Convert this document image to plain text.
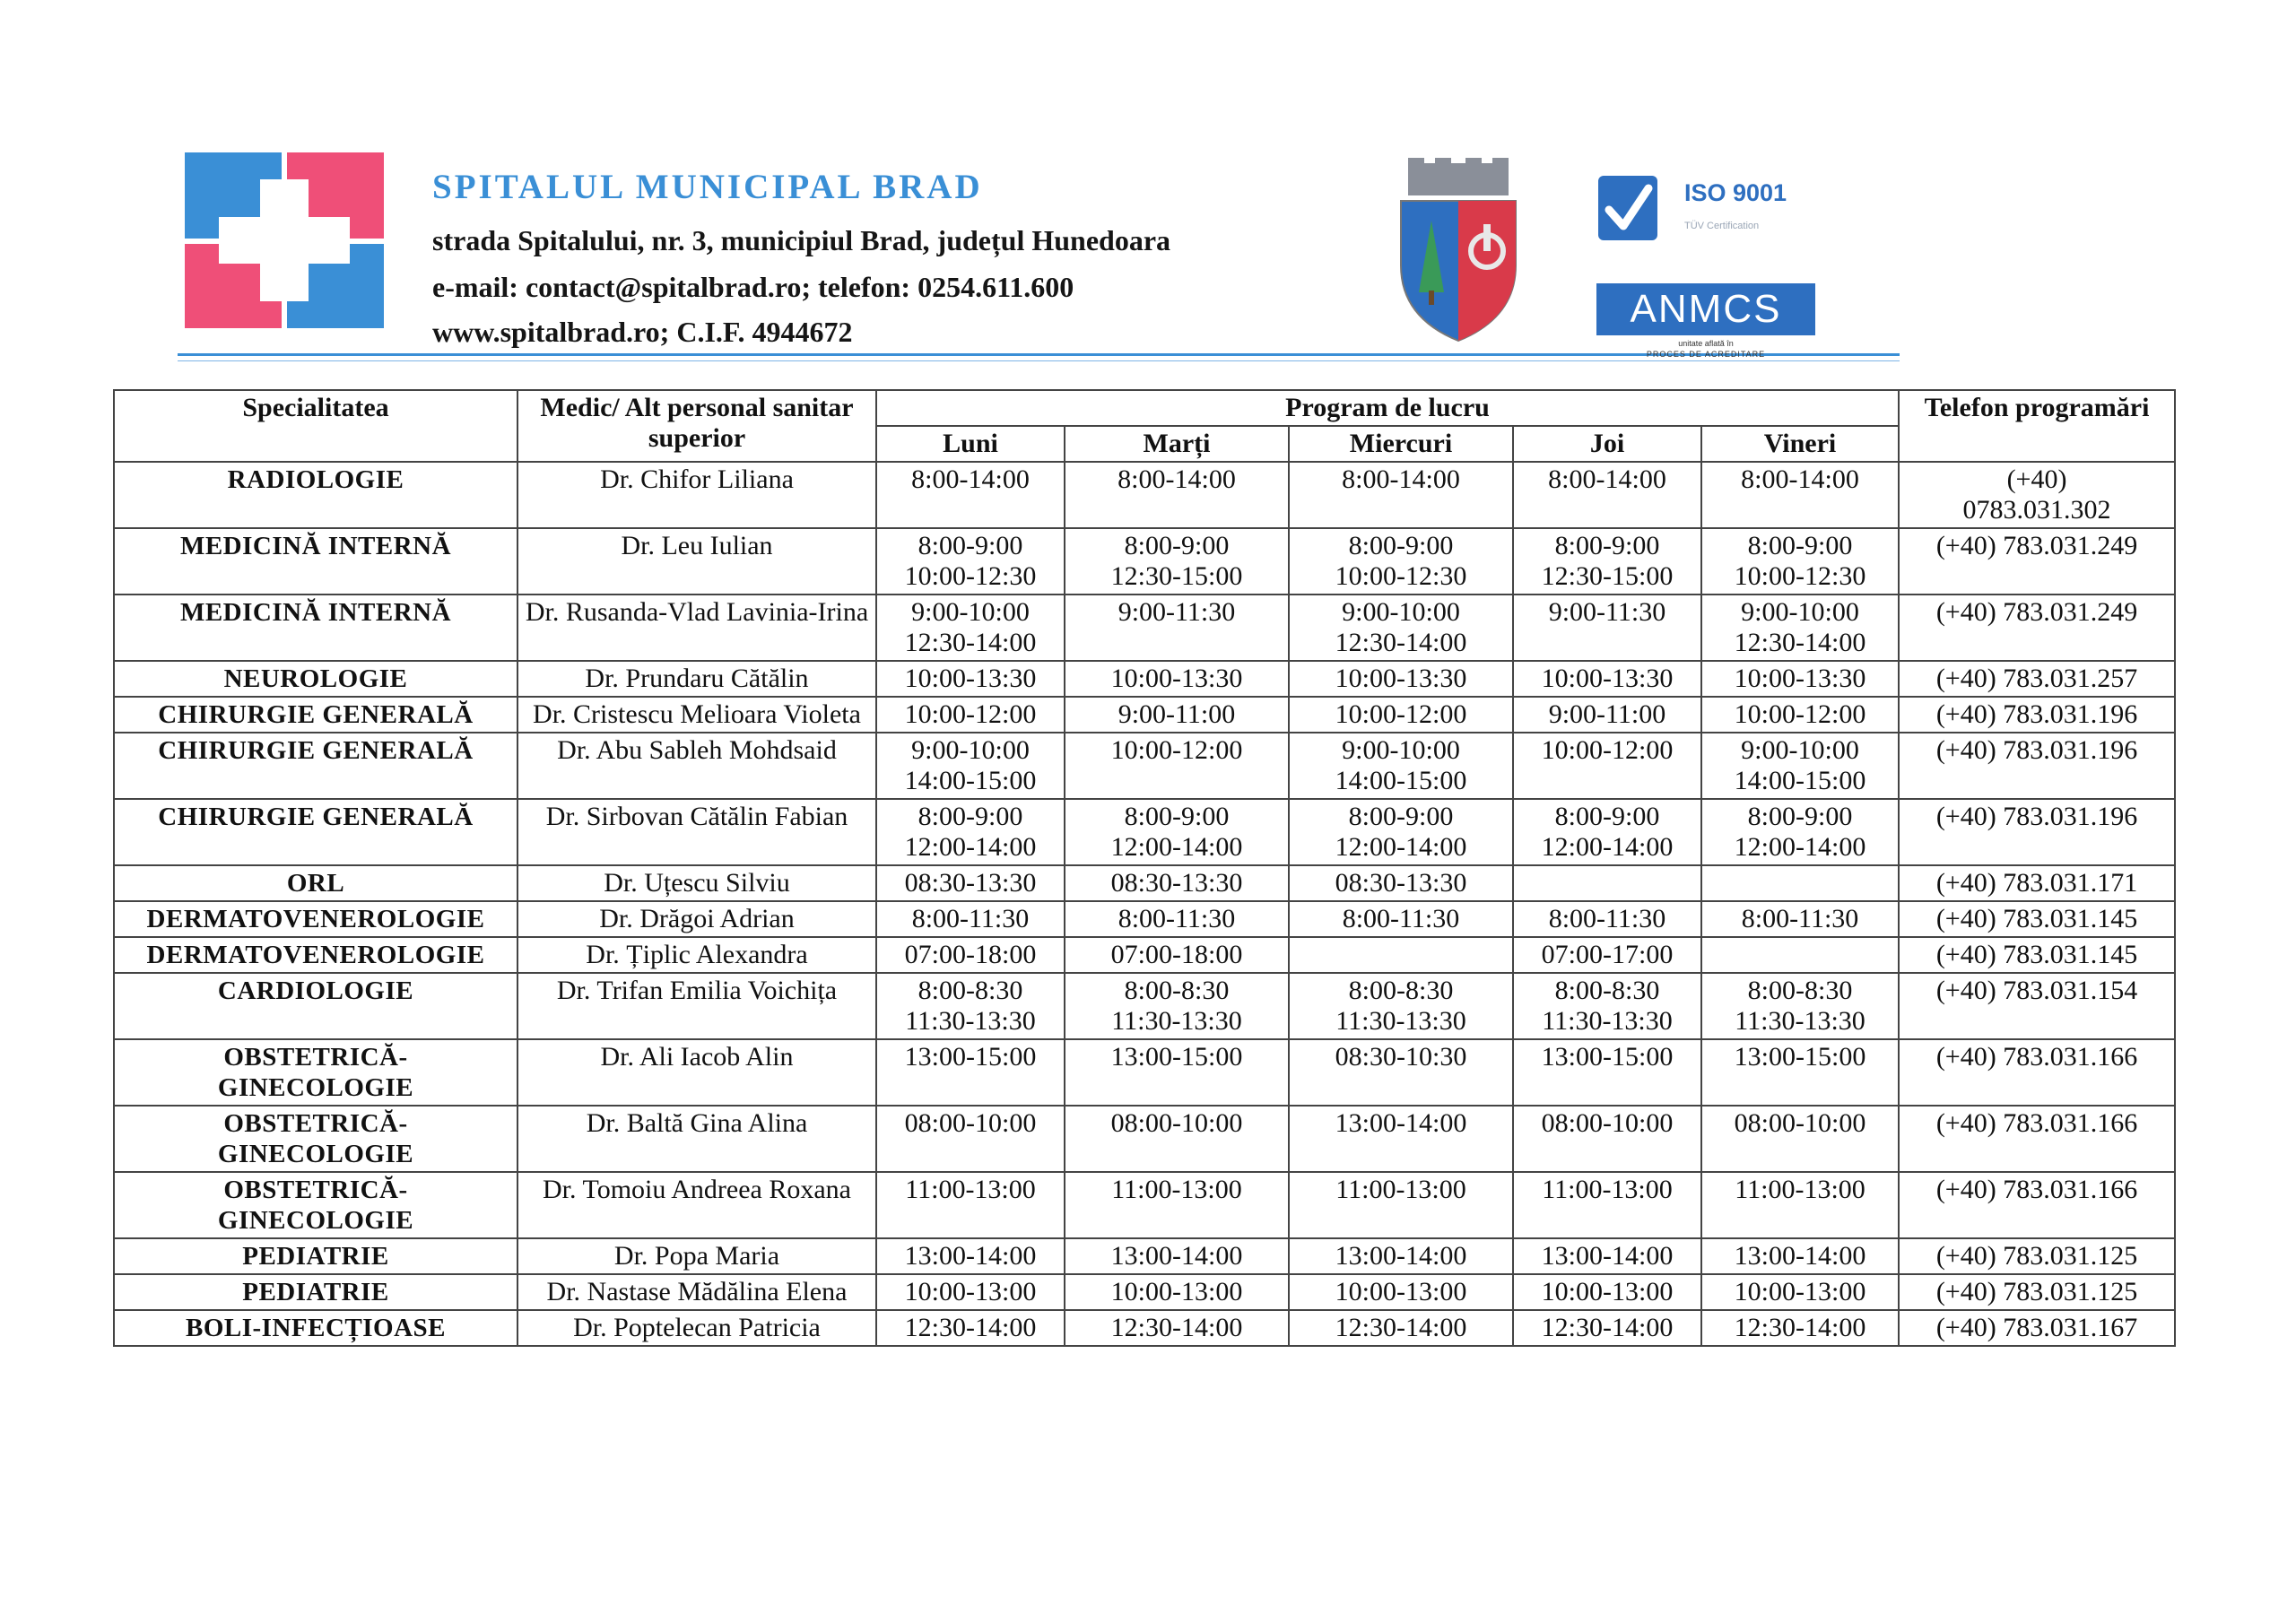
SPITALUL MUNICIPAL BRAD
strada Spitalului, nr. 3, municipiul Brad, județul Hunedoara
e-mail: contact@spitalbrad.ro; telefon: 0254.611.600
www.spitalbrad.ro; C.I.F. 4944672
ISO 9001
TÜV Certification
ANMCS
unitate aflată în
PROCES DE ACREDITARE
Specialitatea	Medic/ Alt personal sanitar superior	Program de lucru					Telefon programări
		Luni	Marți	Miercuri	Joi	Vineri	
RADIOLOGIE	Dr. Chifor Liliana	8:00-14:00	8:00-14:00	8:00-14:00	8:00-14:00	8:00-14:00	(+40)
0783.031.302
MEDICINĂ INTERNĂ	Dr. Leu Iulian	8:00-9:00
10:00-12:30	8:00-9:00
12:30-15:00	8:00-9:00
10:00-12:30	8:00-9:00
12:30-15:00	8:00-9:00
10:00-12:30	(+40) 783.031.249
MEDICINĂ INTERNĂ	Dr. Rusanda-Vlad Lavinia-Irina	9:00-10:00
12:30-14:00	9:00-11:30	9:00-10:00
12:30-14:00	9:00-11:30	9:00-10:00
12:30-14:00	(+40) 783.031.249
NEUROLOGIE	Dr. Prundaru Cătălin	10:00-13:30	10:00-13:30	10:00-13:30	10:00-13:30	10:00-13:30	(+40) 783.031.257
CHIRURGIE GENERALĂ	Dr. Cristescu Melioara Violeta	10:00-12:00	9:00-11:00	10:00-12:00	9:00-11:00	10:00-12:00	(+40) 783.031.196
CHIRURGIE GENERALĂ	Dr. Abu Sableh Mohdsaid	9:00-10:00
14:00-15:00	10:00-12:00	9:00-10:00
14:00-15:00	10:00-12:00	9:00-10:00
14:00-15:00	(+40) 783.031.196
CHIRURGIE GENERALĂ	Dr. Sirbovan Cătălin Fabian	8:00-9:00
12:00-14:00	8:00-9:00
12:00-14:00	8:00-9:00
12:00-14:00	8:00-9:00
12:00-14:00	8:00-9:00
12:00-14:00	(+40) 783.031.196
ORL	Dr. Uțescu Silviu	08:30-13:30	08:30-13:30	08:30-13:30			(+40) 783.031.171
DERMATOVENEROLOGIE	Dr. Drăgoi Adrian	8:00-11:30	8:00-11:30	8:00-11:30	8:00-11:30	8:00-11:30	(+40) 783.031.145
DERMATOVENEROLOGIE	Dr. Țiplic Alexandra	07:00-18:00	07:00-18:00		07:00-17:00		(+40) 783.031.145
CARDIOLOGIE	Dr. Trifan Emilia Voichița	8:00-8:30
11:30-13:30	8:00-8:30
11:30-13:30	8:00-8:30
11:30-13:30	8:00-8:30
11:30-13:30	8:00-8:30
11:30-13:30	(+40) 783.031.154
OBSTETRICĂ-
GINECOLOGIE	Dr. Ali Iacob Alin	13:00-15:00	13:00-15:00	08:30-10:30	13:00-15:00	13:00-15:00	(+40) 783.031.166
OBSTETRICĂ-
GINECOLOGIE	Dr. Baltă Gina Alina	08:00-10:00	08:00-10:00	13:00-14:00	08:00-10:00	08:00-10:00	(+40) 783.031.166
OBSTETRICĂ-
GINECOLOGIE	Dr. Tomoiu Andreea Roxana	11:00-13:00	11:00-13:00	11:00-13:00	11:00-13:00	11:00-13:00	(+40) 783.031.166
PEDIATRIE	Dr. Popa Maria	13:00-14:00	13:00-14:00	13:00-14:00	13:00-14:00	13:00-14:00	(+40) 783.031.125
PEDIATRIE	Dr. Nastase Mădălina Elena	10:00-13:00	10:00-13:00	10:00-13:00	10:00-13:00	10:00-13:00	(+40) 783.031.125
BOLI-INFECȚIOASE	Dr. Poptelecan Patricia	12:30-14:00	12:30-14:00	12:30-14:00	12:30-14:00	12:30-14:00	(+40) 783.031.167
